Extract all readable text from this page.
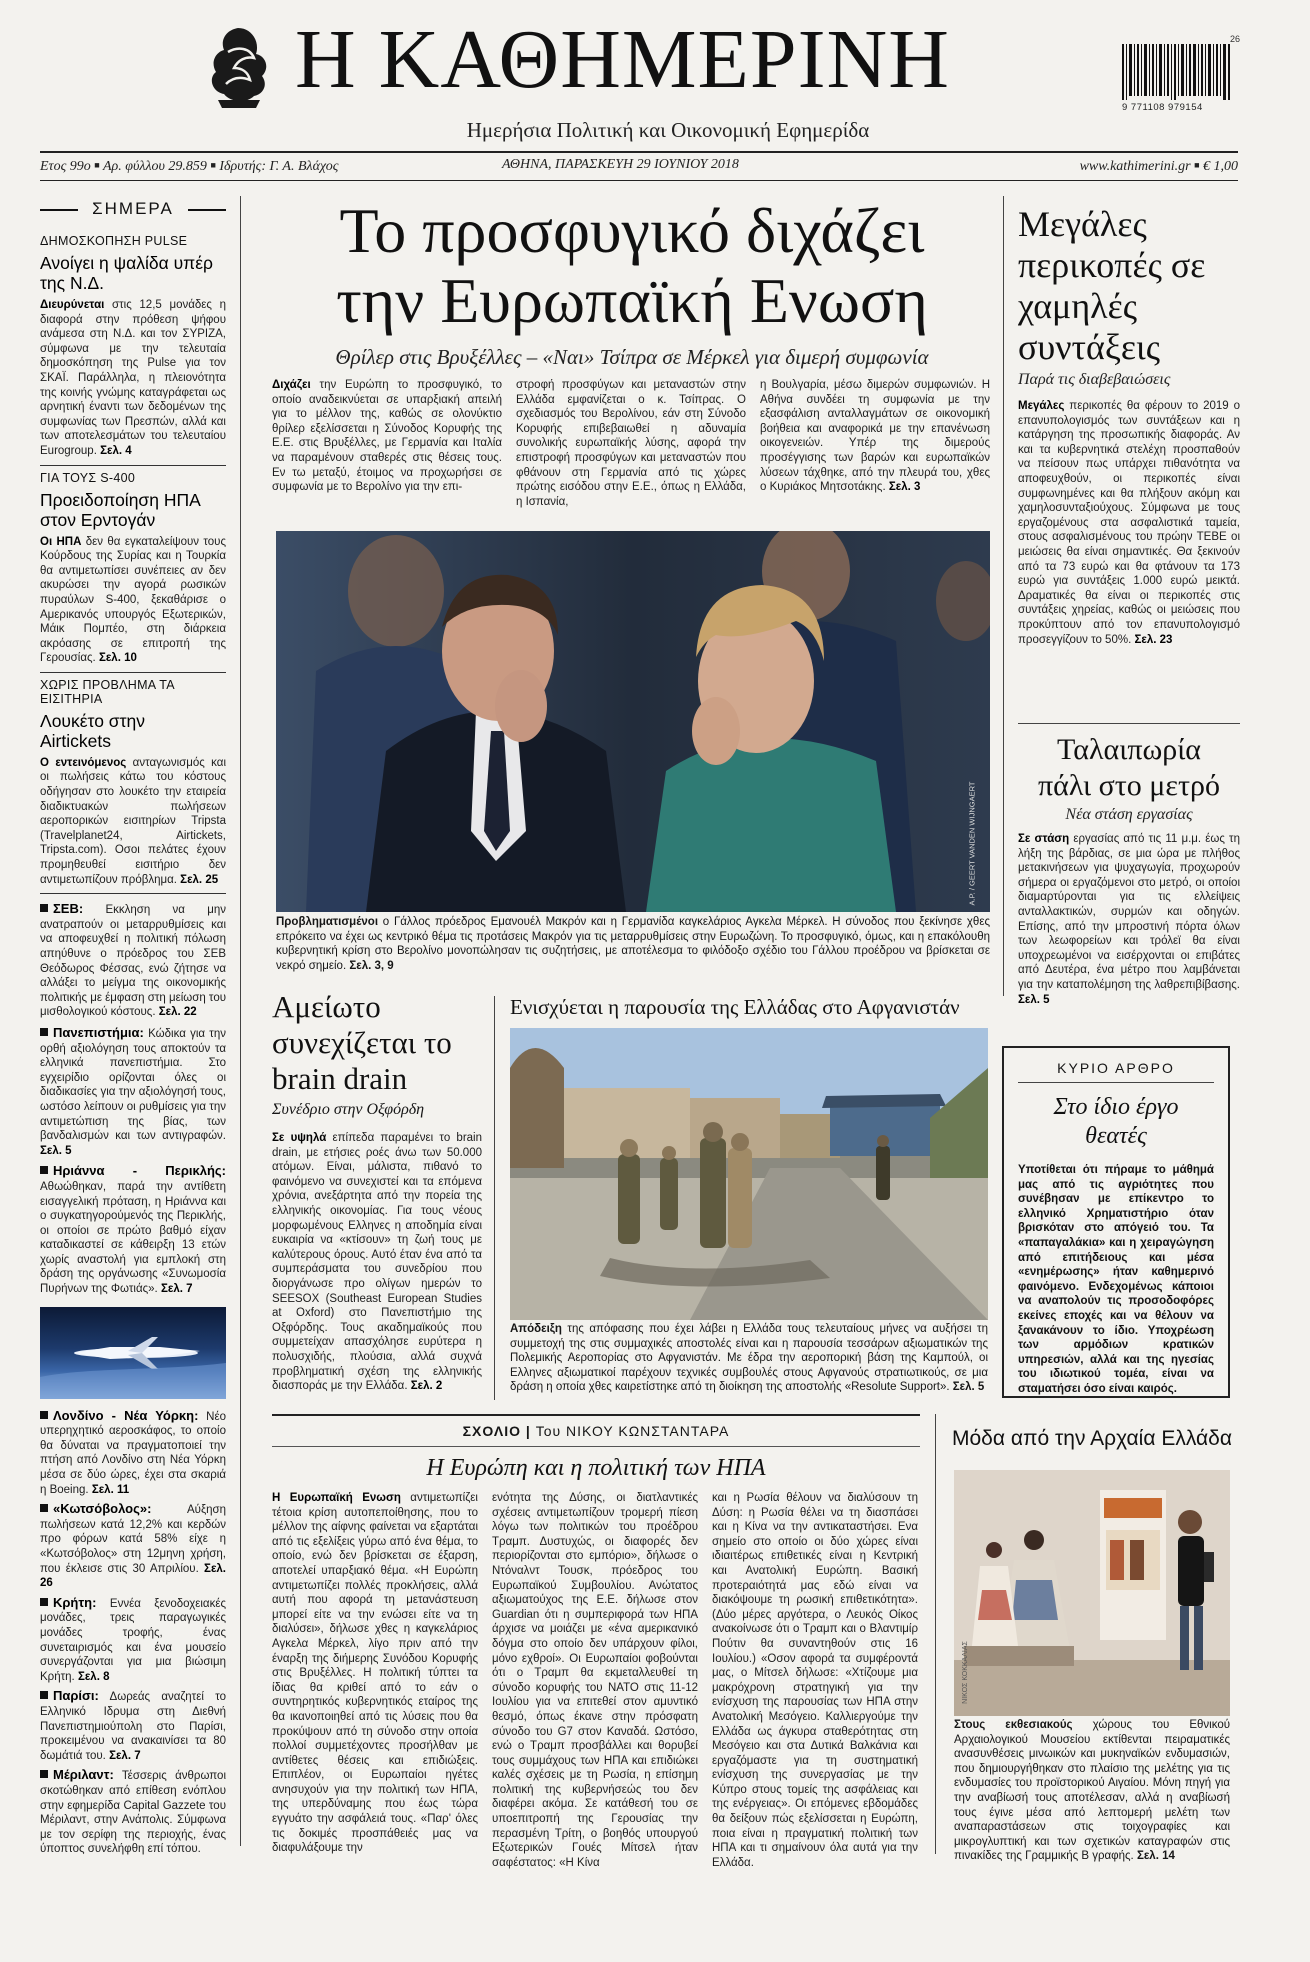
Η ΚΑΘΗΜΕΡΙΝΗ
Ημερήσια Πολιτική και Οικονομική Εφημερίδα
26
9 771108 979154
Ετος 99ο ■ Αρ. φύλλου 29.859 ■ Ιδρυτής: Γ. Α. Βλάχος	ΑΘΗΝΑ, ΠΑΡΑΣΚΕΥΗ 29 ΙΟΥΝΙΟΥ 2018	www.kathimerini.gr ■ € 1,00
ΣΗΜΕΡΑ
ΔΗΜΟΣΚΟΠΗΣΗ PULSE
Ανοίγει η ψαλίδα υπέρ της Ν.Δ.
Διευρύνεται στις 12,5 μονάδες η διαφορά στην πρόθεση ψήφου ανάμεσα στη Ν.Δ. και τον ΣΥΡΙΖΑ, σύμφωνα με την τελευταία δημοσκόπηση της Pulse για τον ΣΚΑΪ. Παράλληλα, η πλειονότητα της κοινής γνώμης καταγράφεται ως αρνητική έναντι των δεδομένων της συμφωνίας των Πρεσπών, αλλά και των αποτελεσμάτων του τελευταίου Eurogroup. Σελ. 4
ΓΙΑ ΤΟΥΣ S-400
Προειδοποίηση ΗΠΑ στον Ερντογάν
Οι ΗΠΑ δεν θα εγκαταλείψουν τους Κούρδους της Συρίας και η Τουρκία θα αντιμετωπίσει συνέπειες αν δεν ακυρώσει την αγορά ρωσικών πυραύλων S-400, ξεκαθάρισε ο Αμερικανός υπουργός Εξωτερικών, Μάικ Πομπέο, στη διάρκεια ακρόασης σε επιτροπή της Γερουσίας. Σελ. 10
ΧΩΡΙΣ ΠΡΟΒΛΗΜΑ ΤΑ ΕΙΣΙΤΗΡΙΑ
Λουκέτο στην Airtickets
Ο εντεινόμενος ανταγωνισμός και οι πωλήσεις κάτω του κόστους οδήγησαν στο λουκέτο την εταιρεία διαδικτυακών πωλήσεων αεροπορικών εισιτηρίων Tripsta (Travelplanet24, Airtickets, Tripsta.com). Οσοι πελάτες έχουν προμηθευθεί εισιτήριο δεν αντιμετωπίζουν πρόβλημα. Σελ. 25
ΣΕΒ: Εκκληση να μην ανατραπούν οι μεταρρυθμίσεις και να αποφευχθεί η πολιτική πόλωση απηύθυνε ο πρόεδρος του ΣΕΒ Θεόδωρος Φέσσας, ενώ ζήτησε να αλλάξει το μείγμα της οικονομικής πολιτικής με έμφαση στη μείωση του μισθολογικού κόστους. Σελ. 22
Πανεπιστήμια: Κώδικα για την ορθή αξιολόγηση τους αποκτούν τα ελληνικά πανεπιστήμια. Στο εγχειρίδιο ορίζονται όλες οι διαδικασίες για την αξιολόγησή τους, ωστόσο λείπουν οι ρυθμίσεις για την αντιμετώπιση της βίας, των βανδαλισμών και των αντιγραφών. Σελ. 5
Ηριάννα - Περικλής: Αθωώθηκαν, παρά την αντίθετη εισαγγελική πρόταση, η Ηριάννα και ο συγκατηγορούμενός της Περικλής, οι οποίοι σε πρώτο βαθμό είχαν καταδικαστεί σε κάθειρξη 13 ετών χωρίς αναστολή για εμπλοκή στη δράση της οργάνωσης «Συνωμοσία Πυρήνων της Φωτιάς». Σελ. 7
Λονδίνο - Νέα Υόρκη: Νέο υπερηχητικό αεροσκάφος, το οποίο θα δύναται να πραγματοποιεί την πτήση από Λονδίνο στη Νέα Υόρκη μέσα σε δύο ώρες, έχει στα σκαριά η Boeing. Σελ. 11
«Κωτσόβολος»: Αύξηση πωλήσεων κατά 12,2% και κερδών προ φόρων κατά 58% είχε η «Κωτσόβολος» στη 12μηνη χρήση, που έκλεισε στις 30 Απριλίου. Σελ. 26
Κρήτη: Εννέα ξενοδοχειακές μονάδες, τρεις παραγωγικές μονάδες τροφής, ένας συνεταιρισμός και ένα μουσείο συνεργάζονται για μια βιώσιμη Κρήτη. Σελ. 8
Παρίσι: Δωρεάς αναζητεί το Ελληνικό Ιδρυμα στη Διεθνή Πανεπιστημιούπολη στο Παρίσι, προκειμένου να ανακαινίσει τα 80 δωμάτιά του. Σελ. 7
Μέριλαντ: Τέσσερις άνθρωποι σκοτώθηκαν από επίθεση ενόπλου στην εφημερίδα Capital Gazzete του Μέριλαντ, στην Ανάπολις. Σύμφωνα με τον σερίφη της περιοχής, ένας ύποπτος συνελήφθη επί τόπου.
Το προσφυγικό διχάζει
την Ευρωπαϊκή Ενωση
Θρίλερ στις Βρυξέλλες – «Ναι» Τσίπρα σε Μέρκελ για διμερή συμφωνία
Διχάζει την Ευρώπη το προσφυγικό, το οποίο αναδεικνύεται σε υπαρξιακή απειλή για το μέλλον της, καθώς σε ολονύκτιο θρίλερ εξελίσσεται η Σύνοδος Κορυφής της Ε.Ε. στις Βρυξέλλες, με Γερμανία και Ιταλία να παραμένουν σταθερές στις θέσεις τους. Εν τω μεταξύ, έτοιμος να προχωρήσει σε συμφωνία με το Βερολίνο για την επι-
στροφή προσφύγων και μεταναστών στην Ελλάδα εμφανίζεται ο κ. Τσίπρας. Ο σχεδιασμός του Βερολίνου, εάν στη Σύνοδο Κορυφής επιβεβαιωθεί η αδυναμία συνολικής ευρωπαϊκής λύσης, αφορά την επιστροφή προσφύγων και μεταναστών που φθάνουν στη Γερμανία από τις χώρες πρώτης εισόδου στην Ε.Ε., όπως η Ελλάδα, η Ισπανία,
η Βουλγαρία, μέσω διμερών συμφωνιών. Η Αθήνα συνδέει τη συμφωνία με την εξασφάλιση ανταλλαγμάτων σε οικονομική βοήθεια και αναφορικά με την επανένωση οικογενειών. Υπέρ της διμερούς προσέγγισης των βαρών και ευρωπαϊκών λύσεων τάχθηκε, από την πλευρά του, χθες ο Κυριάκος Μητσοτάκης. Σελ. 3
A.P. / GEERT VANDEN WIJNGAERT
Προβληματισμένοι ο Γάλλος πρόεδρος Εμανουέλ Μακρόν και η Γερμανίδα καγκελάριος Αγκελα Μέρκελ. Η σύνοδος που ξεκίνησε χθες επρόκειτο να έχει ως κεντρικό θέμα τις προτάσεις Μακρόν για τις μεταρρυθμίσεις στην Ευρωζώνη. Το προσφυγικό, όμως, και η επακόλουθη κυβερνητική κρίση στο Βερολίνο μονοπώλησαν τις συζητήσεις, με αποτέλεσμα το φιλόδοξο σχέδιο του Γάλλου προέδρου να βρίσκεται σε νεκρό σημείο. Σελ. 3, 9
Μεγάλες περικοπές σε χαμηλές συντάξεις
Παρά τις διαβεβαιώσεις
Μεγάλες περικοπές θα φέρουν το 2019 ο επανυπολογισμός των συντάξεων και η κατάργηση της προσωπικής διαφοράς. Αν και τα κυβερνητικά στελέχη προσπαθούν να πείσουν πως υπάρχει πιθανότητα να αποφευχθούν, οι περικοπές είναι συμφωνημένες και θα πλήξουν ακόμη και χαμηλοσυνταξιούχους. Σύμφωνα με τους εργαζομένους στα ασφαλιστικά ταμεία, στους ασφαλισμένους του πρώην ΤΕΒΕ οι μειώσεις θα είναι σημαντικές. Θα ξεκινούν από τα 73 ευρώ και θα φτάνουν τα 173 ευρώ για συντάξεις 1.000 ευρώ μεικτά. Δραματικές θα είναι οι περικοπές στις συντάξεις χηρείας, καθώς οι μειώσεις που προκύπτουν από τον επανυπολογισμό προσεγγίζουν το 50%. Σελ. 23
Ταλαιπωρία πάλι στο μετρό
Νέα στάση εργασίας
Σε στάση εργασίας από τις 11 μ.μ. έως τη λήξη της βάρδιας, σε μια ώρα με πλήθος μετακινήσεων για ψυχαγωγία, προχωρούν σήμερα οι εργαζόμενοι στο μετρό, οι οποίοι διαμαρτύρονται για τις ελλείψεις ανταλλακτικών, συρμών και οδηγών. Επίσης, από την μπροστινή πόρτα όλων των λεωφορείων και τρόλεϊ θα είναι υποχρεωμένοι να εισέρχονται οι επιβάτες από Δευτέρα, ένα μέτρο που λαμβάνεται για την καταπολέμηση της λαθρεπιβίβασης. Σελ. 5
ΚΥΡΙΟ ΑΡΘΡΟ
Στο ίδιο έργο θεατές
Υποτίθεται ότι πήραμε το μάθημά μας από τις αγριότητες που συνέβησαν με επίκεντρο το ελληνικό Χρηματιστήριο όταν βρισκόταν στο απόγειό του. Τα «παπαγαλάκια» και η χειραγώγηση από επιτήδειους και μέσα «ενημέρωσης» ήταν καθημερινό φαινόμενο. Ενδεχομένως κάποιοι να αναπολούν τις προσοδοφόρες εκείνες εποχές και να θέλουν να ξανακάνουν το ίδιο. Υποχρέωση των αρμόδιων κρατικών υπηρεσιών, αλλά και της ηγεσίας του ιδιωτικού τομέα, είναι να σταματήσει όσο είναι καιρός.
Αμείωτο συνεχίζεται το brain drain
Συνέδριο στην Οξφόρδη
Σε υψηλά επίπεδα παραμένει το brain drain, με ετήσιες ροές άνω των 50.000 ατόμων. Είναι, μάλιστα, πιθανό το φαινόμενο να συνεχιστεί και τα επόμενα χρόνια, ανεξάρτητα από την πορεία της ελληνικής οικονομίας. Για τους νέους μορφωμένους Ελληνες η αποδημία είναι ευκαιρία να «κτίσουν» τη ζωή τους με καλύτερους όρους. Αυτό έταν ένα από τα συμπεράσματα του συνεδρίου που διοργάνωσε προ ολίγων ημερών το SEESOX (Southeast European Studies at Oxford) στο Πανεπιστήμιο της Οξφόρδης. Τους ακαδημαϊκούς που συμμετείχαν απασχόλησε ευρύτερα η πολυσχιδής, πλούσια, αλλά συχνά προβληματική σχέση της ελληνικής διασποράς με την Ελλάδα. Σελ. 2
Ενισχύεται η παρουσία της Ελλάδας στο Αφγανιστάν
Απόδειξη της απόφασης που έχει λάβει η Ελλάδα τους τελευταίους μήνες να αυξήσει τη συμμετοχή της στις συμμαχικές αποστολές είναι και η παρουσία τεσσάρων αξιωματικών της Πολεμικής Αεροπορίας στο Αφγανιστάν. Με έδρα την αεροπορική βάση της Καμπούλ, οι Ελληνες αξιωματικοί παρέχουν τεχνικές συμβουλές στους Αφγανούς στρατιωτικούς, σε μια δράση η οποία χθες καιρετίστηκε από τη διοίκηση της αποστολής «Resolute Support». Σελ. 5
ΣΧΟΛΙΟ | Του ΝΙΚΟΥ ΚΩΝΣΤΑΝΤΑΡΑ
Η Ευρώπη και η πολιτική των ΗΠΑ
Η Ευρωπαϊκή Ενωση αντιμετωπίζει τέτοια κρίση αυτοπεποίθησης, που το μέλλον της αίφνης φαίνεται να εξαρτάται από τις εξελίξεις γύρω από ένα θέμα, το οποίο, ενώ δεν βρίσκεται σε έξαρση, αποτελεί υπαρξιακό θέμα. «Η Ευρώπη αντιμετωπίζει πολλές προκλήσεις, αλλά αυτή που αφορά τη μετανάστευση μπορεί είτε να την ενώσει είτε να τη διαλύσει», δήλωσε χθες η καγκελάριος Αγκελα Μέρκελ, λίγο πριν από την έναρξη της διήμερης Συνόδου Κορυφής στις Βρυξέλλες. Η πολιτική τύπτει τα ίδιας θα κριθεί από το εάν ο συντηρητικός κυβερνητικός εταίρος της θα ικανοποιηθεί από τις λύσεις που θα προκύψουν από τη σύνοδο στην οποία πολλοί συμμετέχοντες προσήλθαν με αντίθετες θέσεις και επιδιώξεις. Επιπλέον, οι Ευρωπαίοι ηγέτες ανησυχούν για την πολιτική των ΗΠΑ, της υπερδύναμης που έως τώρα εγγυάτο την ασφάλειά τους. «Παρ' όλες τις δοκιμές προσπάθειές μας να διαφυλάξουμε την
ενότητα της Δύσης, οι διατλαντικές σχέσεις αντιμετωπίζουν τρομερή πίεση λόγω των πολιτικών του προέδρου Τραμπ. Δυστυχώς, οι διαφορές δεν περιορίζονται στο εμπόριο», δήλωσε ο Ντόναλντ Τουσκ, πρόεδρος του Ευρωπαϊκού Συμβουλίου. Ανώτατος αξιωματούχος της Ε.Ε. δήλωσε στον Guardian ότι η συμπεριφορά των ΗΠΑ άρχισε να μοιάζει με «ένα αμερικανικό δόγμα στο οποίο δεν υπάρχουν φίλοι, μόνο εχθροί». Οι Ευρωπαίοι φοβούνται ότι ο Τραμπ θα εκμεταλλευθεί τη σύνοδο κορυφής του ΝΑΤΟ στις 11-12 Ιουλίου για να επιτεθεί στον αμυντικό θεσμό, όπως έκανε στην πρόσφατη σύνοδο του G7 στον Καναδά. Ωστόσο, ενώ ο Τραμπ προσβάλλει και θορυβεί τους συμμάχους των ΗΠΑ και επιδιώκει καλές σχέσεις με τη Ρωσία, η επίσημη πολιτική της κυβερνήσεώς του δεν διαφέρει ακόμα. Σε κατάθεσή του σε υποεπιτροπή της Γερουσίας την περασμένη Τρίτη, ο βοηθός υπουργού Εξωτερικών Γουές Μίτσελ ήταν σαφέστατος: «Η Κίνα
και η Ρωσία θέλουν να διαλύσουν τη Δύση: η Ρωσία θέλει να τη διασπάσει και η Κίνα να την αντικαταστήσει. Ενα σημείο στο οποίο οι δύο χώρες είναι ιδιαιτέρως επιθετικές είναι η Κεντρική και Ανατολική Ευρώπη. Βασική προτεραιότητά μας εδώ είναι να διακόψουμε τη ρωσική επιθετικότητα». (Δύο μέρες αργότερα, ο Λευκός Οίκος ανακοίνωσε ότι ο Τραμπ και ο Βλαντιμίρ Πούτιν θα συναντηθούν στις 16 Ιουλίου.) «Οσον αφορά τα συμφέροντά μας, ο Μίτσελ δήλωσε: «Χτίζουμε μια μακρόχρονη στρατηγική για την ενίσχυση της παρουσίας των ΗΠΑ στην Ανατολική Μεσόγειο. Καλλιεργούμε την Ελλάδα ως άγκυρα σταθερότητας στη Μεσόγειο και στα Δυτικά Βαλκάνια και εργαζόμαστε για τη συστηματική ενίσχυση της συνεργασίας με την Κύπρο στους τομείς της ασφάλειας και της ενέργειας». Οι επόμενες εβδομάδες θα δείξουν πώς εξελίσσεται η Ευρώπη, ποια είναι η πραγματική πολιτική των ΗΠΑ και τι σημαίνουν όλα αυτά για την Ελλάδα.
Μόδα από την Αρχαία Ελλάδα
ΝΙΚΟΣ ΚΟΚΚΑΛΙΑΣ
Στους εκθεσιακούς χώρους του Εθνικού Αρχαιολογικού Μουσείου εκτίθενται πειραματικές ανασυνθέσεις μινωικών και μυκηναϊκών ενδυμασιών, που δημιουργήθηκαν στο πλαίσιο της μελέτης για τις ενδυμασίες του προϊστορικού Αιγαίου. Μόνη πηγή για την αναβίωσή τους αποτέλεσαν, αλλά η αναβίωσή τους έγινε μέσα από λεπτομερή μελέτη των αναπαραστάσεων στις τοιχογραφίες και μικρογλυπτική και των σχετικών καταγραφών στις πινακίδες της Γραμμικής Β γραφής. Σελ. 14
